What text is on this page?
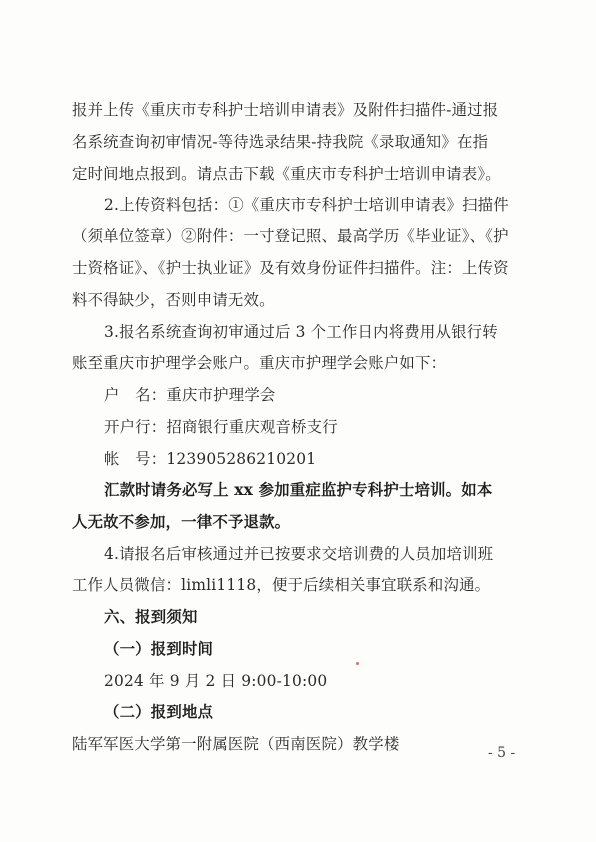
报并上传《重庆市专科护士培训申请表》及附件扫描件-通过报
名系统查询初审情况-等待选录结果-持我院《录取通知》在指
定时间地点报到。请点击下载《重庆市专科护士培训申请表》。
2.上传资料包括：①《重庆市专科护士培训申请表》扫描件
（须单位签章）②附件：一寸登记照、最高学历《毕业证》、《护
士资格证》、《护士执业证》及有效身份证件扫描件。注：上传资
料不得缺少，否则申请无效。
3.报名系统查询初审通过后 3 个工作日内将费用从银行转
账至重庆市护理学会账户。重庆市护理学会账户如下：
户　名：重庆市护理学会
开户行：招商银行重庆观音桥支行
帐　号：123905286210201
汇款时请务必写上 xx 参加重症监护专科护士培训。如本
人无故不参加，一律不予退款。
4.请报名后审核通过并已按要求交培训费的人员加培训班
工作人员微信：limli1118，便于后续相关事宜联系和沟通。
六、报到须知
（一）报到时间
2024 年 9 月 2 日 9:00-10:00
（二）报到地点
陆军军医大学第一附属医院（西南医院）教学楼	- 5 -
